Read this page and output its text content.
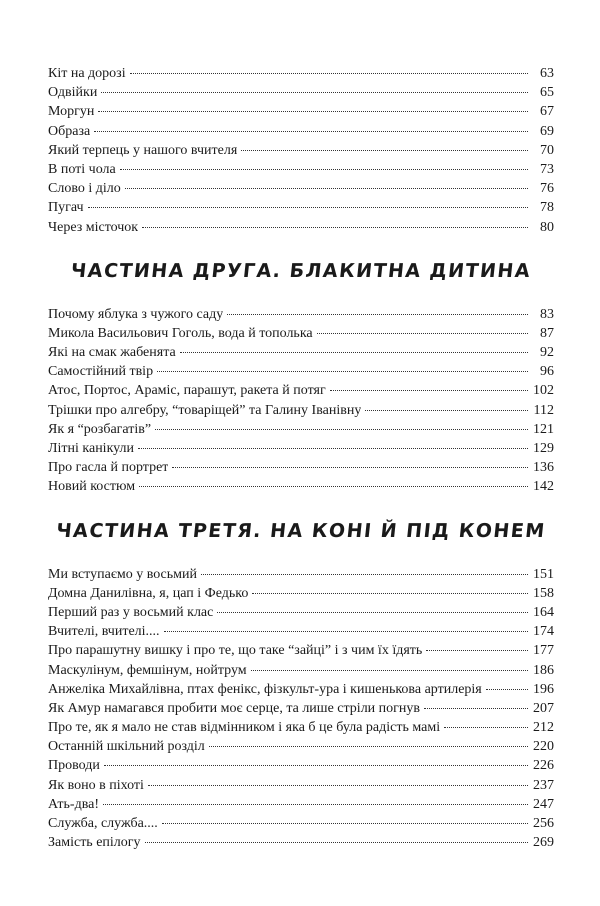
Кіт на дорозі	63
Одвійки	65
Моргун	67
Образа	69
Який терпець у нашого вчителя	70
В поті чола	73
Слово і діло	76
Пугач	78
Через місточок	80
ЧАСТИНА ДРУГА. БЛАКИТНА ДИТИНА
Почому яблука з чужого саду	83
Микола Васильович Гоголь, вода й тополька	87
Які на смак жабенята	92
Самостійний твір	96
Атос, Портос, Араміс, парашут, ракета й потяг	102
Трішки про алгебру, “товаріщей” та Галину Іванівну	112
Як я “розбагатів”	121
Літні канікули	129
Про гасла й портрет	136
Новий костюм	142
ЧАСТИНА ТРЕТЯ. НА КОНІ Й ПІД КОНЕМ
Ми вступаємо у восьмий	151
Домна Данилівна, я, цап і Федько	158
Перший раз у восьмий клас	164
Вчителі, вчителі....	174
Про парашутну вишку і про те, що таке “зайці” і з чим їх їдять	177
Маскулінум, фемшінум, нойтрум	186
Анжеліка Михайлівна, птах фенікс, фізкульт-ура і кишенькова артилерія	196
Як Амур намагався пробити моє серце, та лише стріли погнув	207
Про те, як я мало не став відмінником і яка б це була радість мамі	212
Останній шкільний розділ	220
Проводи	226
Як воно в піхоті	237
Ать-два!	247
Служба, служба....	256
Замість епілогу	269
